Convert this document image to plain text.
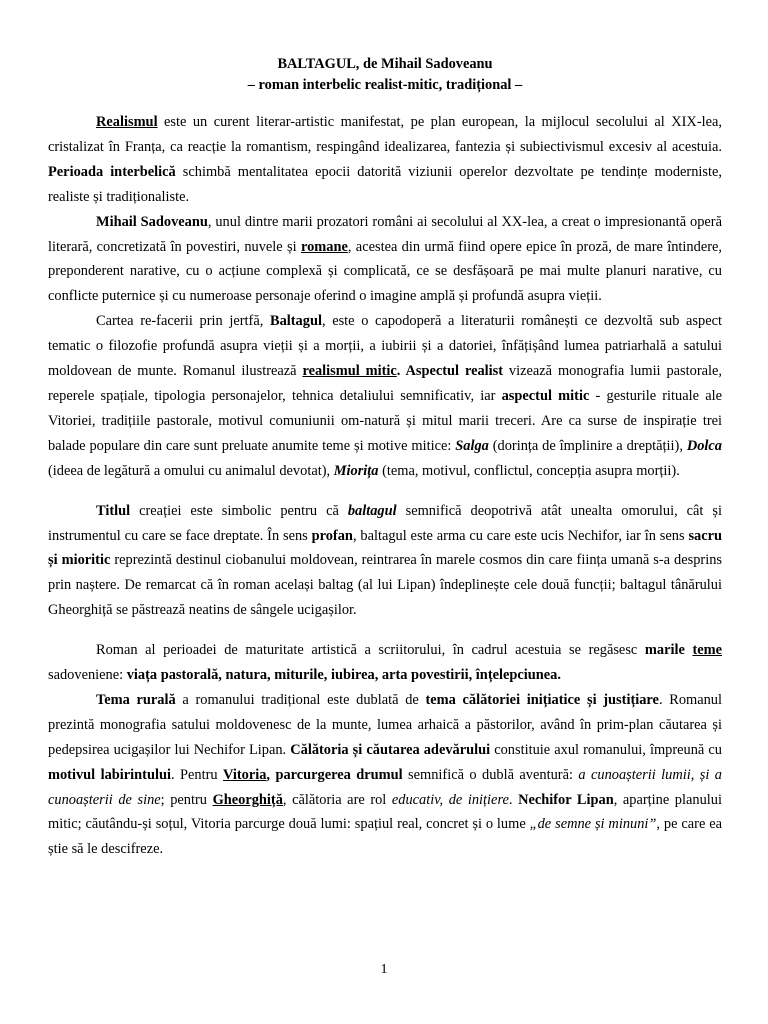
BALTAGUL, de Mihail Sadoveanu
– roman interbelic realist-mitic, tradițional –

Realismul este un curent literar-artistic manifestat, pe plan european, la mijlocul secolului al XIX-lea, cristalizat în Franța, ca reacție la romantism, respingând idealizarea, fantezia și subiectivismul excesiv al acestuia. Perioada interbelică schimbă mentalitatea epocii datorită viziunii operelor dezvoltate pe tendințe moderniste, realiste și tradiționaliste.

Mihail Sadoveanu, unul dintre marii prozatori români ai secolului al XX-lea, a creat o impresionantă operă literară, concretizată în povestiri, nuvele și romane, acestea din urmă fiind opere epice în proză, de mare întindere, preponderent narative, cu o acțiune complexă și complicată, ce se desfășoară pe mai multe planuri narative, cu conflicte puternice și cu numeroase personaje oferind o imagine amplă și profundă asupra vieții.

Cartea re-facerii prin jertfă, Baltagul, este o capodoperă a literaturii românești ce dezvoltă sub aspect tematic o filozofie profundă asupra vieții și a morții, a iubirii și a datoriei, înfățișând lumea patriarhală a satului moldovean de munte. Romanul ilustrează realismul mitic. Aspectul realist vizează monografia lumii pastorale, reperele spațiale, tipologia personajelor, tehnica detaliului semnificativ, iar aspectul mitic - gesturile rituale ale Vitoriei, tradițiile pastorale, motivul comuniunii om-natură și mitul marii treceri. Are ca surse de inspirație trei balade populare din care sunt preluate anumite teme și motive mitice: Salga (dorința de împlinire a dreptății), Dolca (ideea de legătură a omului cu animalul devotat), Miorița (tema, motivul, conflictul, concepția asupra morții).

Titlul creației este simbolic pentru că baltagul semnifică deopotrivă atât unealta omorului, cât și instrumentul cu care se face dreptate. În sens profan, baltagul este arma cu care este ucis Nechifor, iar în sens sacru și mioritic reprezintă destinul ciobanului moldovean, reintrarea în marele cosmos din care ființa umană s-a desprins prin naștere. De remarcat că în roman același baltag (al lui Lipan) îndeplinește cele două funcții; baltagul tânărului Gheorghiță se păstrează neatins de sângele ucigașilor.

Roman al perioadei de maturitate artistică a scriitorului, în cadrul acestuia se regăsesc marile teme sadoveniene: viața pastorală, natura, miturile, iubirea, arta povestirii, înțelepciunea.

Tema rurală a romanului tradițional este dublată de tema călătoriei inițiatice și justițiare. Romanul prezintă monografia satului moldovenesc de la munte, lumea arhaică a păstorilor, având în prim-plan căutarea și pedepsirea ucigașilor lui Nechifor Lipan. Călătoria și căutarea adevărului constituie axul romanului, împreună cu motivul labirintului. Pentru Vitoria, parcurgerea drumul semnifică o dublă aventură: a cunoașterii lumii, și a cunoașterii de sine; pentru Gheorghiță, călătoria are rol educativ, de inițiere. Nechifor Lipan, aparține planului mitic; căutându-și soțul, Vitoria parcurge două lumi: spațiul real, concret și o lume „de semne și minuni”, pe care ea știe să le descifreze.

1
